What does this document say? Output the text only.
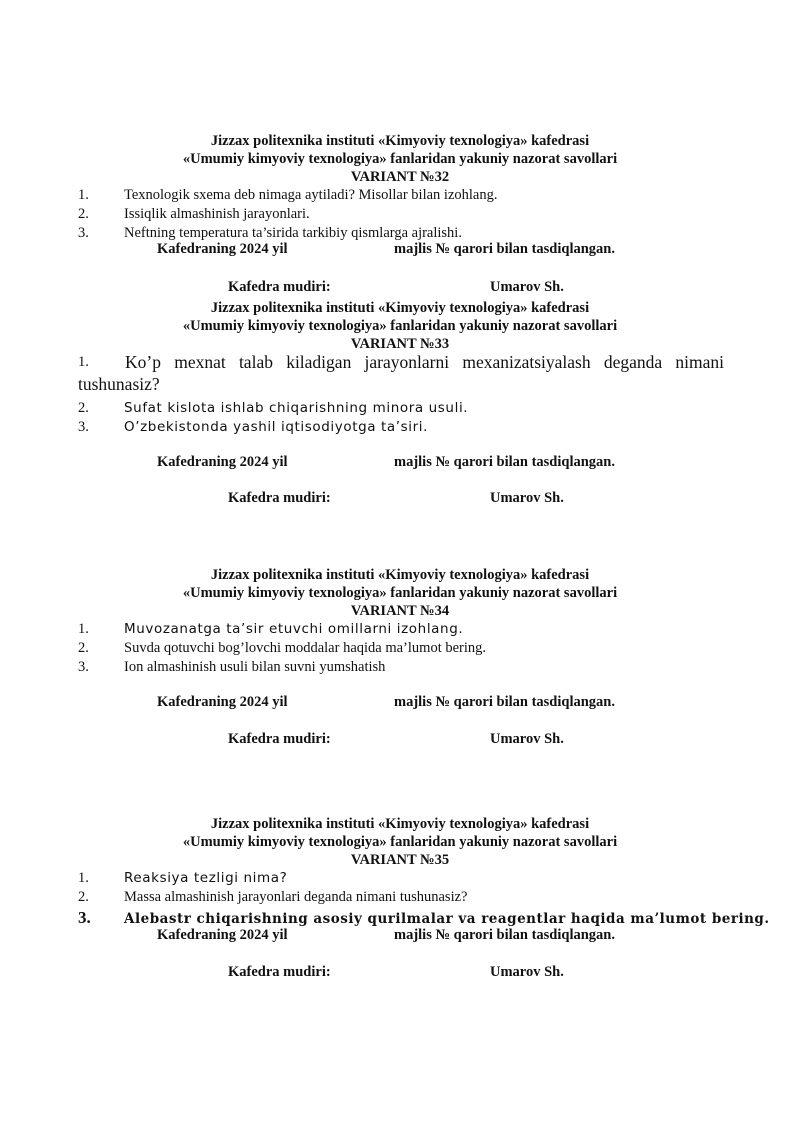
Jizzax politexnika instituti «Kimyoviy texnologiya» kafedrasi
«Umumiy kimyoviy texnologiya» fanlaridan yakuniy nazorat savollari
VARIANT №32
1. Texnologik sxema deb nimaga aytiladi? Misollar bilan izohlang.
2. Issiqlik almashinish jarayonlari.
3. Neftning temperatura ta’sirida tarkibiy qismlarga ajralishi.
Kafedraning 2024 yil	majlis № qarori bilan tasdiqlangan.
Kafedra mudiri:	Umarov Sh.
Jizzax politexnika instituti «Kimyoviy texnologiya» kafedrasi
«Umumiy kimyoviy texnologiya» fanlaridan yakuniy nazorat savollari
VARIANT №33
1.	Ko’p mexnat talab kiladigan jarayonlarni mexanizatsiyalash deganda nimani tushunasiz?
2.	Sufat kislota ishlab chiqarishning minora usuli.
3.	O’zbekistonda yashil iqtisodiyotga ta’siri.
Kafedraning 2024 yil	majlis № qarori bilan tasdiqlangan.
Kafedra mudiri:	Umarov Sh.
Jizzax politexnika instituti «Kimyoviy texnologiya» kafedrasi
«Umumiy kimyoviy texnologiya» fanlaridan yakuniy nazorat savollari
VARIANT №34
1.	Muvozanatga ta’sir etuvchi omillarni izohlang.
2. Suvda qotuvchi bog’lovchi moddalar haqida ma’lumot bering.
3. Ion almashinish usuli bilan suvni yumshatish
Kafedraning 2024 yil	majlis № qarori bilan tasdiqlangan.
Kafedra mudiri:	Umarov Sh.
Jizzax politexnika instituti «Kimyoviy texnologiya» kafedrasi
«Umumiy kimyoviy texnologiya» fanlaridan yakuniy nazorat savollari
VARIANT №35
1.	Reaksiya tezligi nima?
2. Massa almashinish jarayonlari deganda nimani tushunasiz?
3. Alebastr chiqarishning asosiy qurilmalar va reagentlar haqida ma’lumot bering.
Kafedraning 2024 yil	majlis № qarori bilan tasdiqlangan.
Kafedra mudiri:	Umarov Sh.
